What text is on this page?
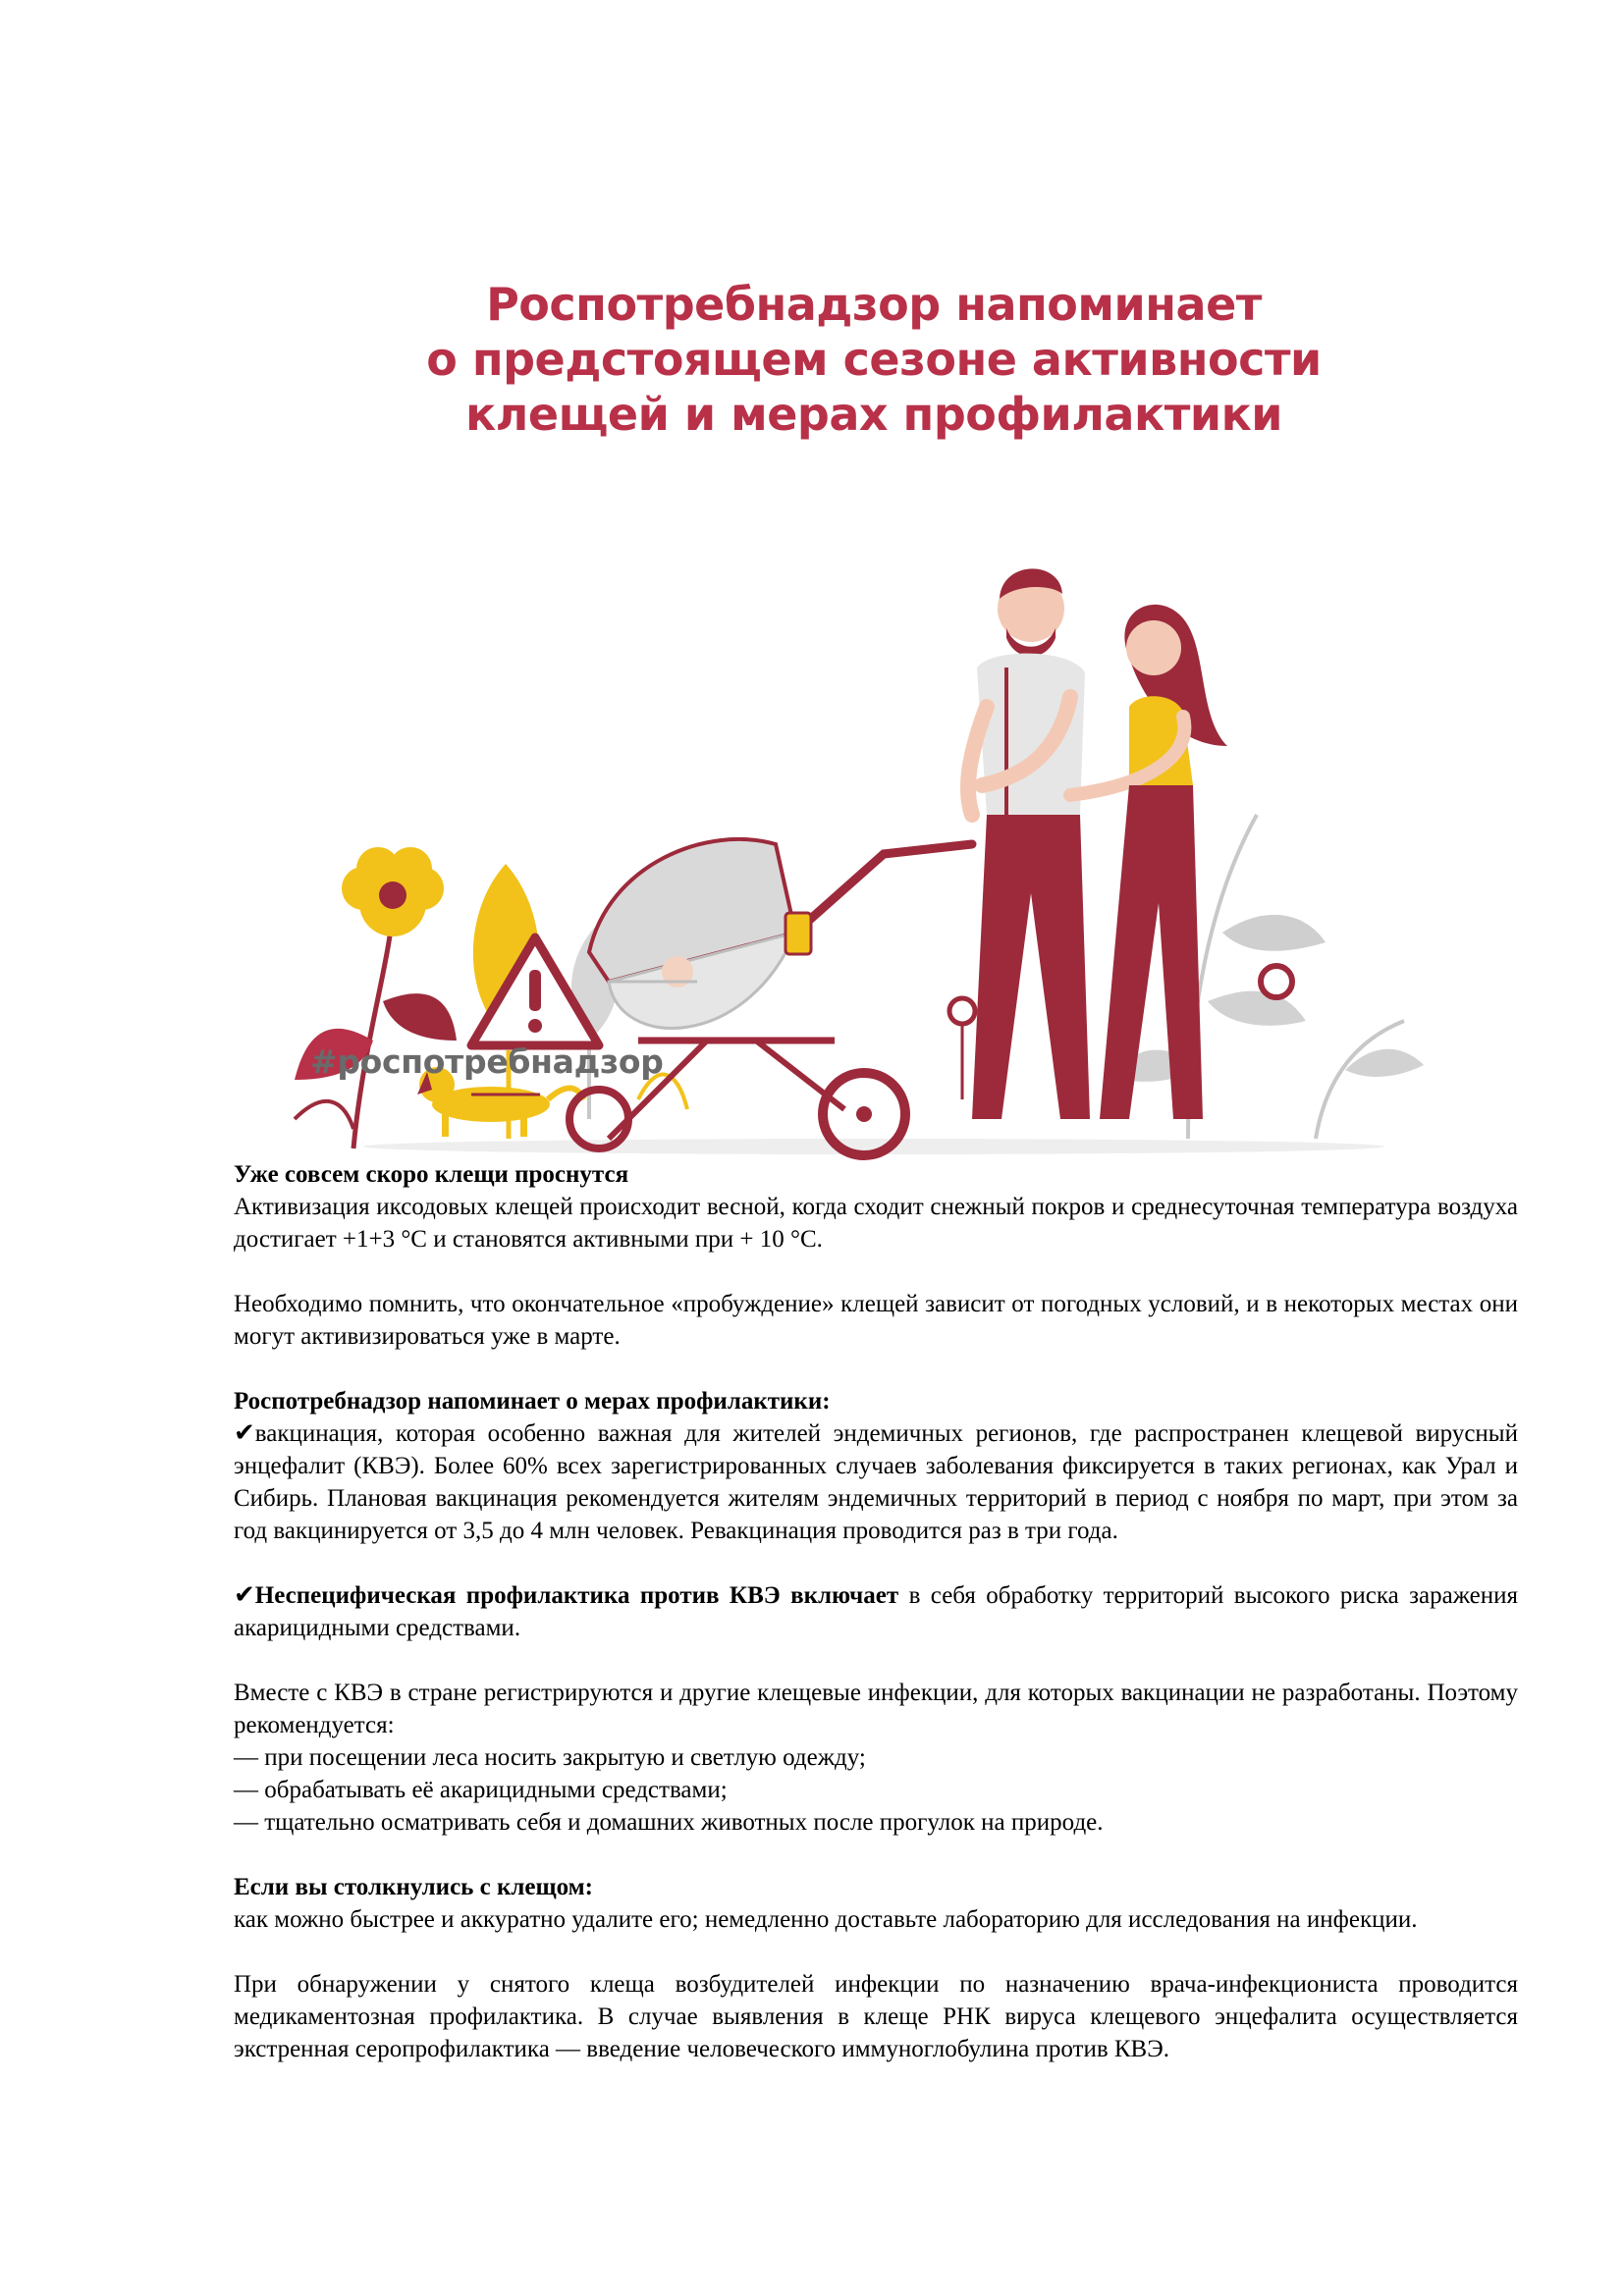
Роспотребнадзор напоминает
о предстоящем сезоне активности
клещей и мерах профилактики
#роспотребнадзор

Уже совсем скоро клещи проснутся

Активизация иксодовых клещей происходит весной, когда сходит снежный покров и среднесуточная температура воздуха достигает +1+3 °С и становятся активными при + 10 °С.

Необходимо помнить, что окончательное «пробуждение» клещей зависит от погодных условий, и в некоторых местах они могут активизироваться уже в марте.

Роспотребнадзор напоминает о мерах профилактики:

✔вакцинация, которая особенно важная для жителей эндемичных регионов, где распространен клещевой вирусный энцефалит (КВЭ). Более 60% всех зарегистрированных случаев заболевания фиксируется в таких регионах, как Урал и Сибирь. Плановая вакцинация рекомендуется жителям эндемичных территорий в период с ноября по март, при этом за год вакцинируется от 3,5 до 4 млн человек. Ревакцинация проводится раз в три года.

✔Неспецифическая профилактика против КВЭ включает в себя обработку территорий высокого риска заражения акарицидными средствами.

Вместе с КВЭ в стране регистрируются и другие клещевые инфекции, для которых вакцинации не разработаны. Поэтому рекомендуется:

— при посещении леса носить закрытую и светлую одежду;

— обрабатывать её акарицидными средствами;

— тщательно осматривать себя и домашних животных после прогулок на природе.

Если вы столкнулись с клещом:

как можно быстрее и аккуратно удалите его; немедленно доставьте лабораторию для исследования на инфекции.

При обнаружении у снятого клеща возбудителей инфекции по назначению врача-инфекциониста проводится медикаментозная профилактика. В случае выявления в клеще РНК вируса клещевого энцефалита осуществляется экстренная серопрофилактика — введение человеческого иммуноглобулина против КВЭ.
